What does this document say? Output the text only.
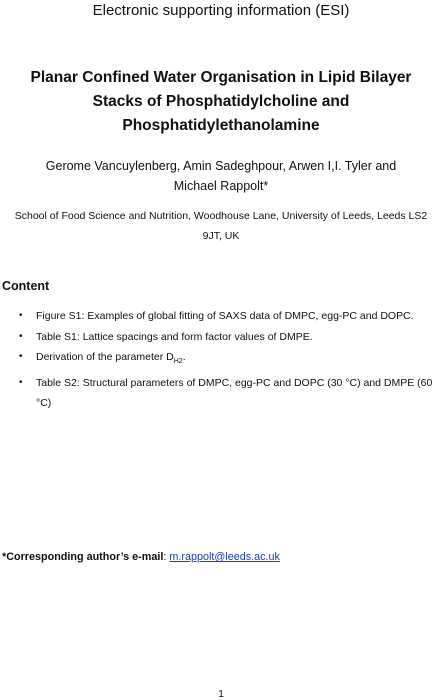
Electronic supporting information (ESI)
Planar Confined Water Organisation in Lipid Bilayer Stacks of Phosphatidylcholine and Phosphatidylethanolamine
Gerome Vancuylenberg, Amin Sadeghpour, Arwen I,I. Tyler and Michael Rappolt*
School of Food Science and Nutrition, Woodhouse Lane, University of Leeds, Leeds LS2 9JT, UK
Content
• Figure S1: Examples of global fitting of SAXS data of DMPC, egg-PC and DOPC.
• Table S1: Lattice spacings and form factor values of DMPE.
• Derivation of the parameter $D_{H2}$.
• Table S2: Structural parameters of DMPC, egg-PC and DOPC (30 °C) and DMPE (60 °C)
*Corresponding author’s e-mail: m.rappolt@leeds.ac.uk
1
